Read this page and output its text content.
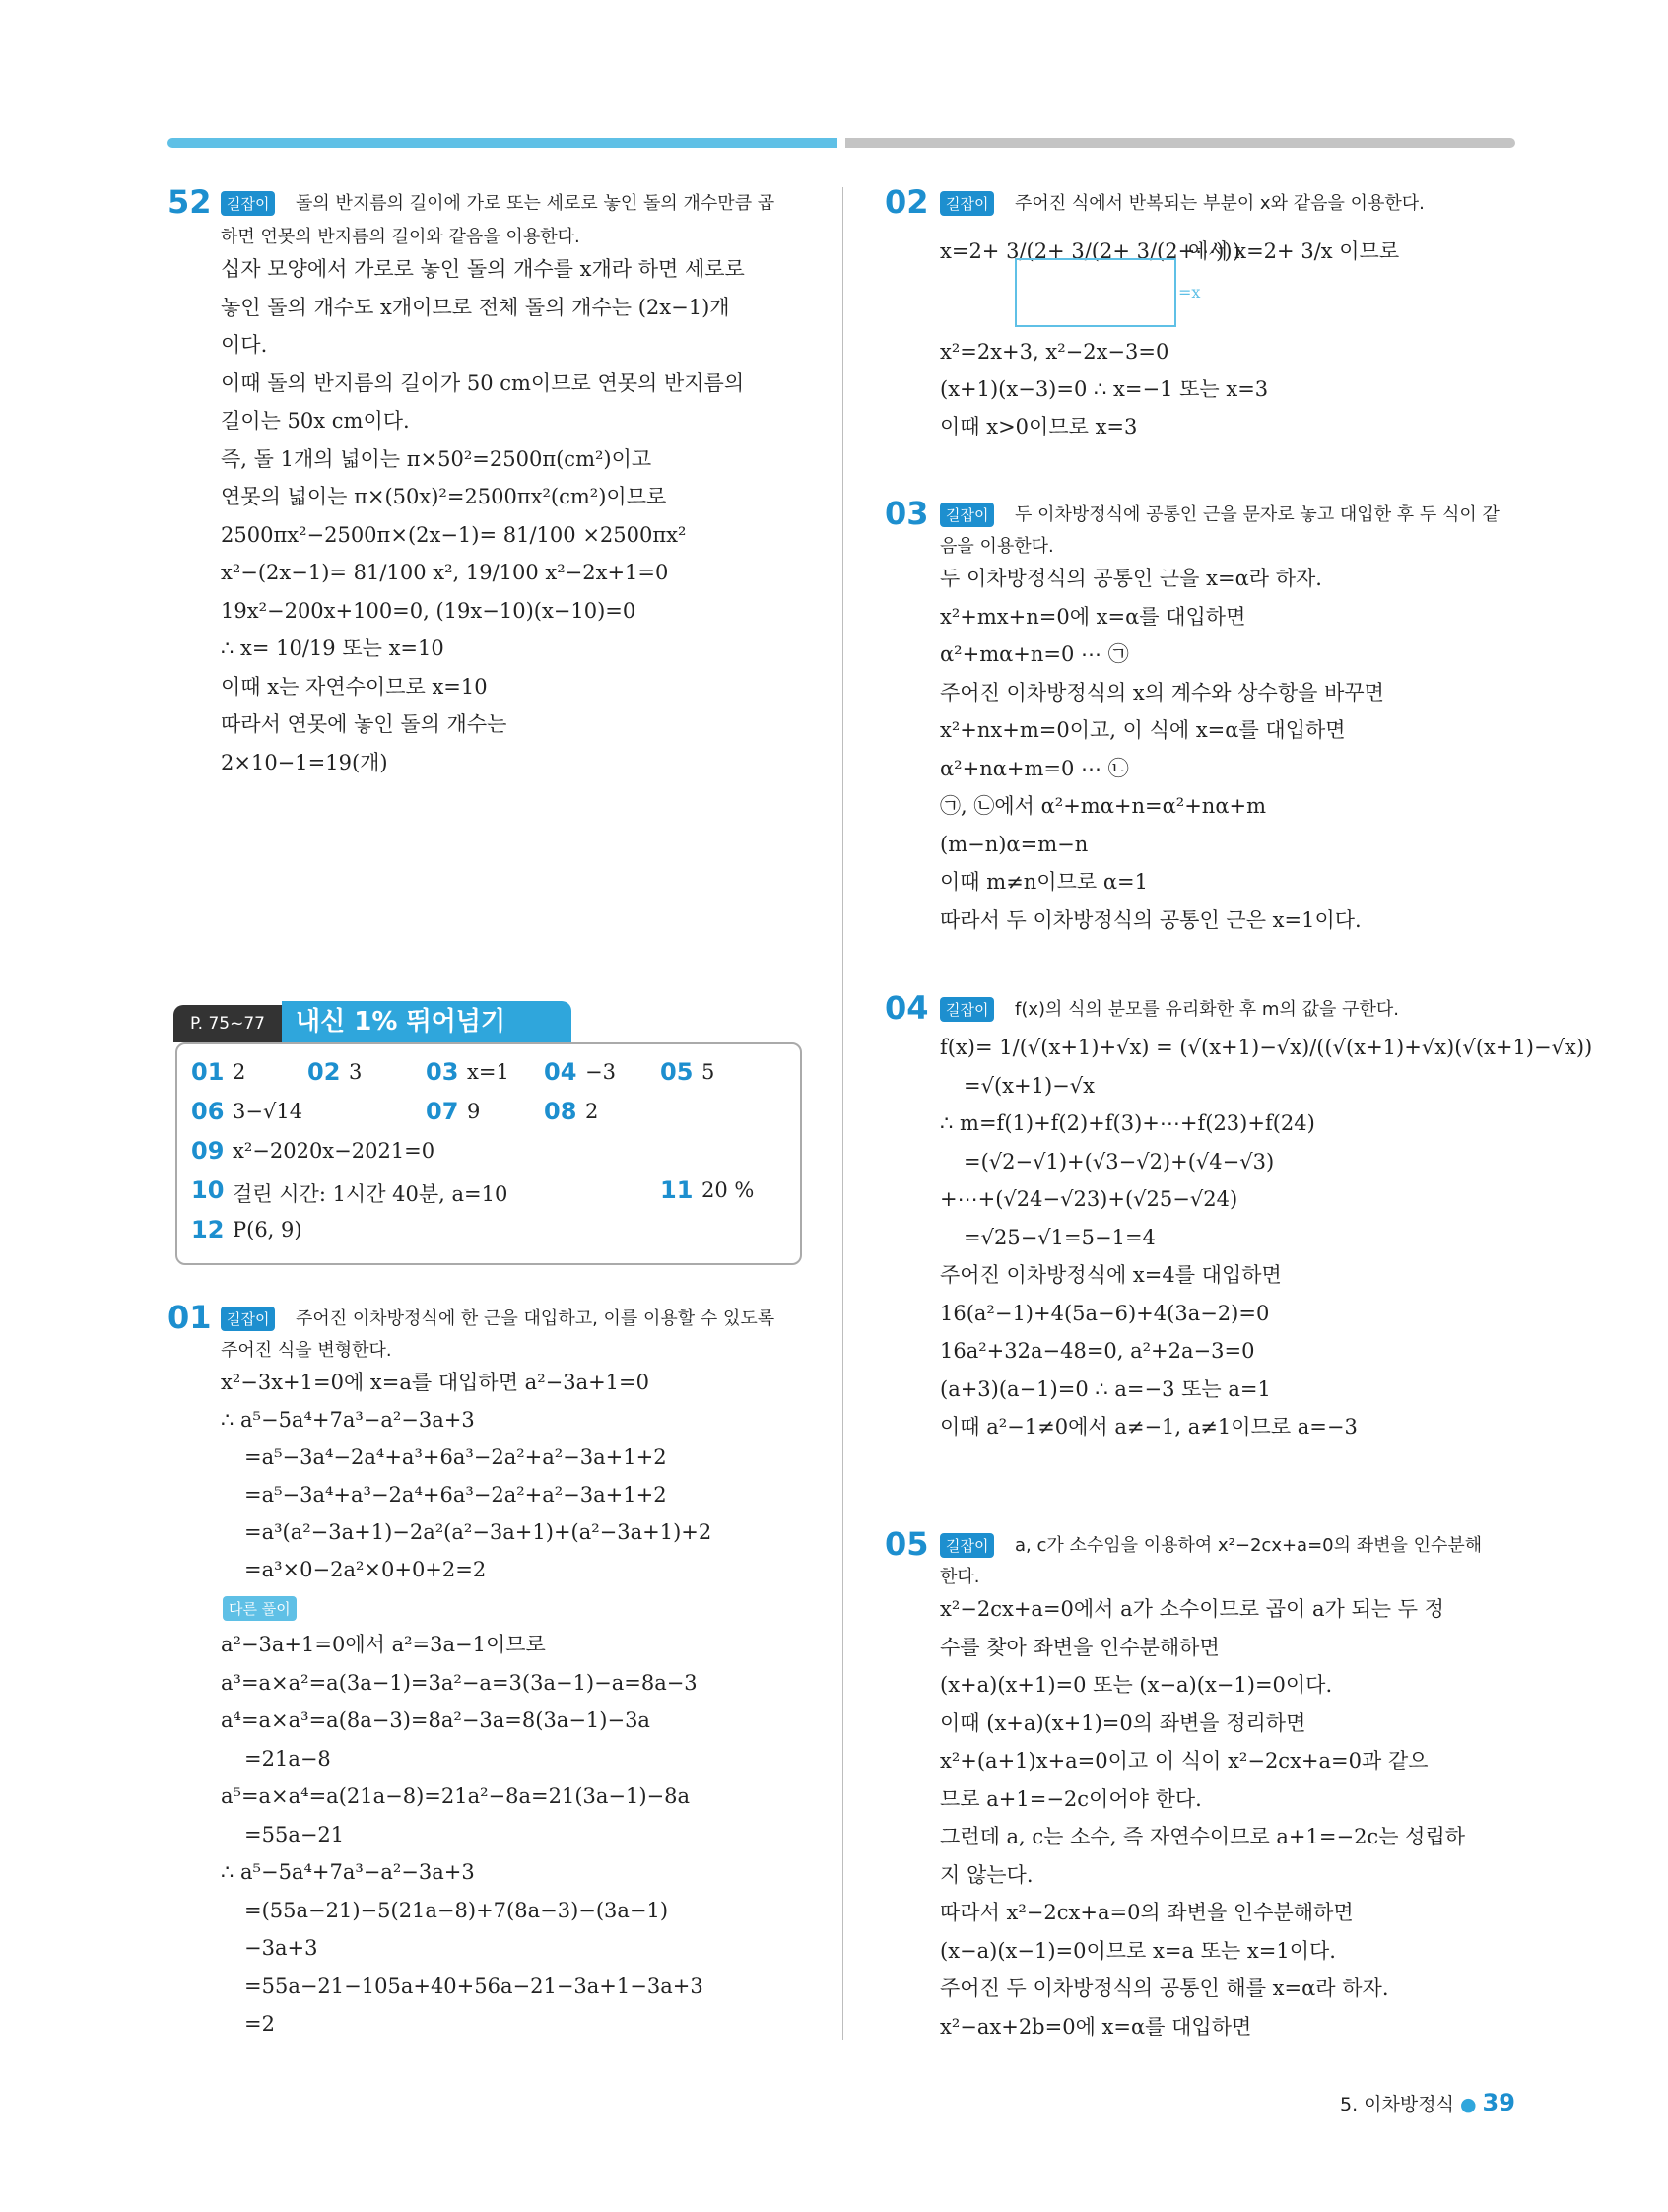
52	길잡이	돌의 반지름의 길이에 가로 또는 세로로 놓인 돌의 개수만큼 곱
하면 연못의 반지름의 길이와 같음을 이용한다.
십자 모양에서 가로로 놓인 돌의 개수를 x개라 하면 세로로
놓인 돌의 개수도 x개이므로 전체 돌의 개수는 (2x−1)개
이다.
이때 돌의 반지름의 길이가 50 cm이므로 연못의 반지름의
길이는 50x cm이다.
즉, 돌 1개의 넓이는 π×50²=2500π(cm²)이고
연못의 넓이는 π×(50x)²=2500πx²(cm²)이므로
2500πx²−2500π×(2x−1)= 81/100 ×2500πx²
x²−(2x−1)= 81/100 x², 19/100 x²−2x+1=0
19x²−200x+100=0, (19x−10)(x−10)=0
∴ x= 10/19 또는 x=10
이때 x는 자연수이므로 x=10
따라서 연못에 놓인 돌의 개수는
2×10−1=19(개)
P. 75~77	내신 1% 뛰어넘기
01 2	02 3	03 x=1 04 −3 05 5
06 3−√14	07 9	08 2
09 x²−2020x−2021=0
10 걸린 시간: 1시간 40분, a=10	11 20 %
12 P(6, 9)
01	길잡이	주어진 이차방정식에 한 근을 대입하고, 이를 이용할 수 있도록
주어진 식을 변형한다.
x²−3x+1=0에 x=a를 대입하면 a²−3a+1=0
∴ a⁵−5a⁴+7a³−a²−3a+3
=a⁵−3a⁴−2a⁴+a³+6a³−2a²+a²−3a+1+2
=a⁵−3a⁴+a³−2a⁴+6a³−2a²+a²−3a+1+2
=a³(a²−3a+1)−2a²(a²−3a+1)+(a²−3a+1)+2
=a³×0−2a²×0+0+2=2
다른 풀이
a²−3a+1=0에서 a²=3a−1이므로
a³=a×a²=a(3a−1)=3a²−a=3(3a−1)−a=8a−3
a⁴=a×a³=a(8a−3)=8a²−3a=8(3a−1)−3a
=21a−8
a⁵=a×a⁴=a(21a−8)=21a²−8a=21(3a−1)−8a
=55a−21
∴ a⁵−5a⁴+7a³−a²−3a+3
=(55a−21)−5(21a−8)+7(8a−3)−(3a−1)
−3a+3
=55a−21−105a+40+56a−21−3a+1−3a+3
=2
02	길잡이	주어진 식에서 반복되는 부분이 x와 같음을 이용한다.
x=2+ 3/(2+ 3/(2+ 3/(2+⋯)))
에서 x=2+ 3/x 이므로
=x
x²=2x+3, x²−2x−3=0
(x+1)(x−3)=0 ∴ x=−1 또는 x=3
이때 x>0이므로 x=3
03	길잡이	두 이차방정식에 공통인 근을 문자로 놓고 대입한 후 두 식이 같
음을 이용한다.
두 이차방정식의 공통인 근을 x=α라 하자.
x²+mx+n=0에 x=α를 대입하면
α²+mα+n=0 ⋯ ㉠
주어진 이차방정식의 x의 계수와 상수항을 바꾸면
x²+nx+m=0이고, 이 식에 x=α를 대입하면
α²+nα+m=0 ⋯ ㉡
㉠, ㉡에서 α²+mα+n=α²+nα+m
(m−n)α=m−n
이때 m≠n이므로 α=1
따라서 두 이차방정식의 공통인 근은 x=1이다.
04	길잡이	f(x)의 식의 분모를 유리화한 후 m의 값을 구한다.
f(x)= 1/(√(x+1)+√x) = (√(x+1)−√x)/((√(x+1)+√x)(√(x+1)−√x))
=√(x+1)−√x
∴ m=f(1)+f(2)+f(3)+⋯+f(23)+f(24)
=(√2−√1)+(√3−√2)+(√4−√3)
+⋯+(√24−√23)+(√25−√24)
=√25−√1=5−1=4
주어진 이차방정식에 x=4를 대입하면
16(a²−1)+4(5a−6)+4(3a−2)=0
16a²+32a−48=0, a²+2a−3=0
(a+3)(a−1)=0 ∴ a=−3 또는 a=1
이때 a²−1≠0에서 a≠−1, a≠1이므로 a=−3
05	길잡이	a, c가 소수임을 이용하여 x²−2cx+a=0의 좌변을 인수분해
한다.
x²−2cx+a=0에서 a가 소수이므로 곱이 a가 되는 두 정
수를 찾아 좌변을 인수분해하면
(x+a)(x+1)=0 또는 (x−a)(x−1)=0이다.
이때 (x+a)(x+1)=0의 좌변을 정리하면
x²+(a+1)x+a=0이고 이 식이 x²−2cx+a=0과 같으
므로 a+1=−2c이어야 한다.
그런데 a, c는 소수, 즉 자연수이므로 a+1=−2c는 성립하
지 않는다.
따라서 x²−2cx+a=0의 좌변을 인수분해하면
(x−a)(x−1)=0이므로 x=a 또는 x=1이다.
주어진 두 이차방정식의 공통인 해를 x=α라 하자.
x²−ax+2b=0에 x=α를 대입하면
5. 이차방정식 ● 39
